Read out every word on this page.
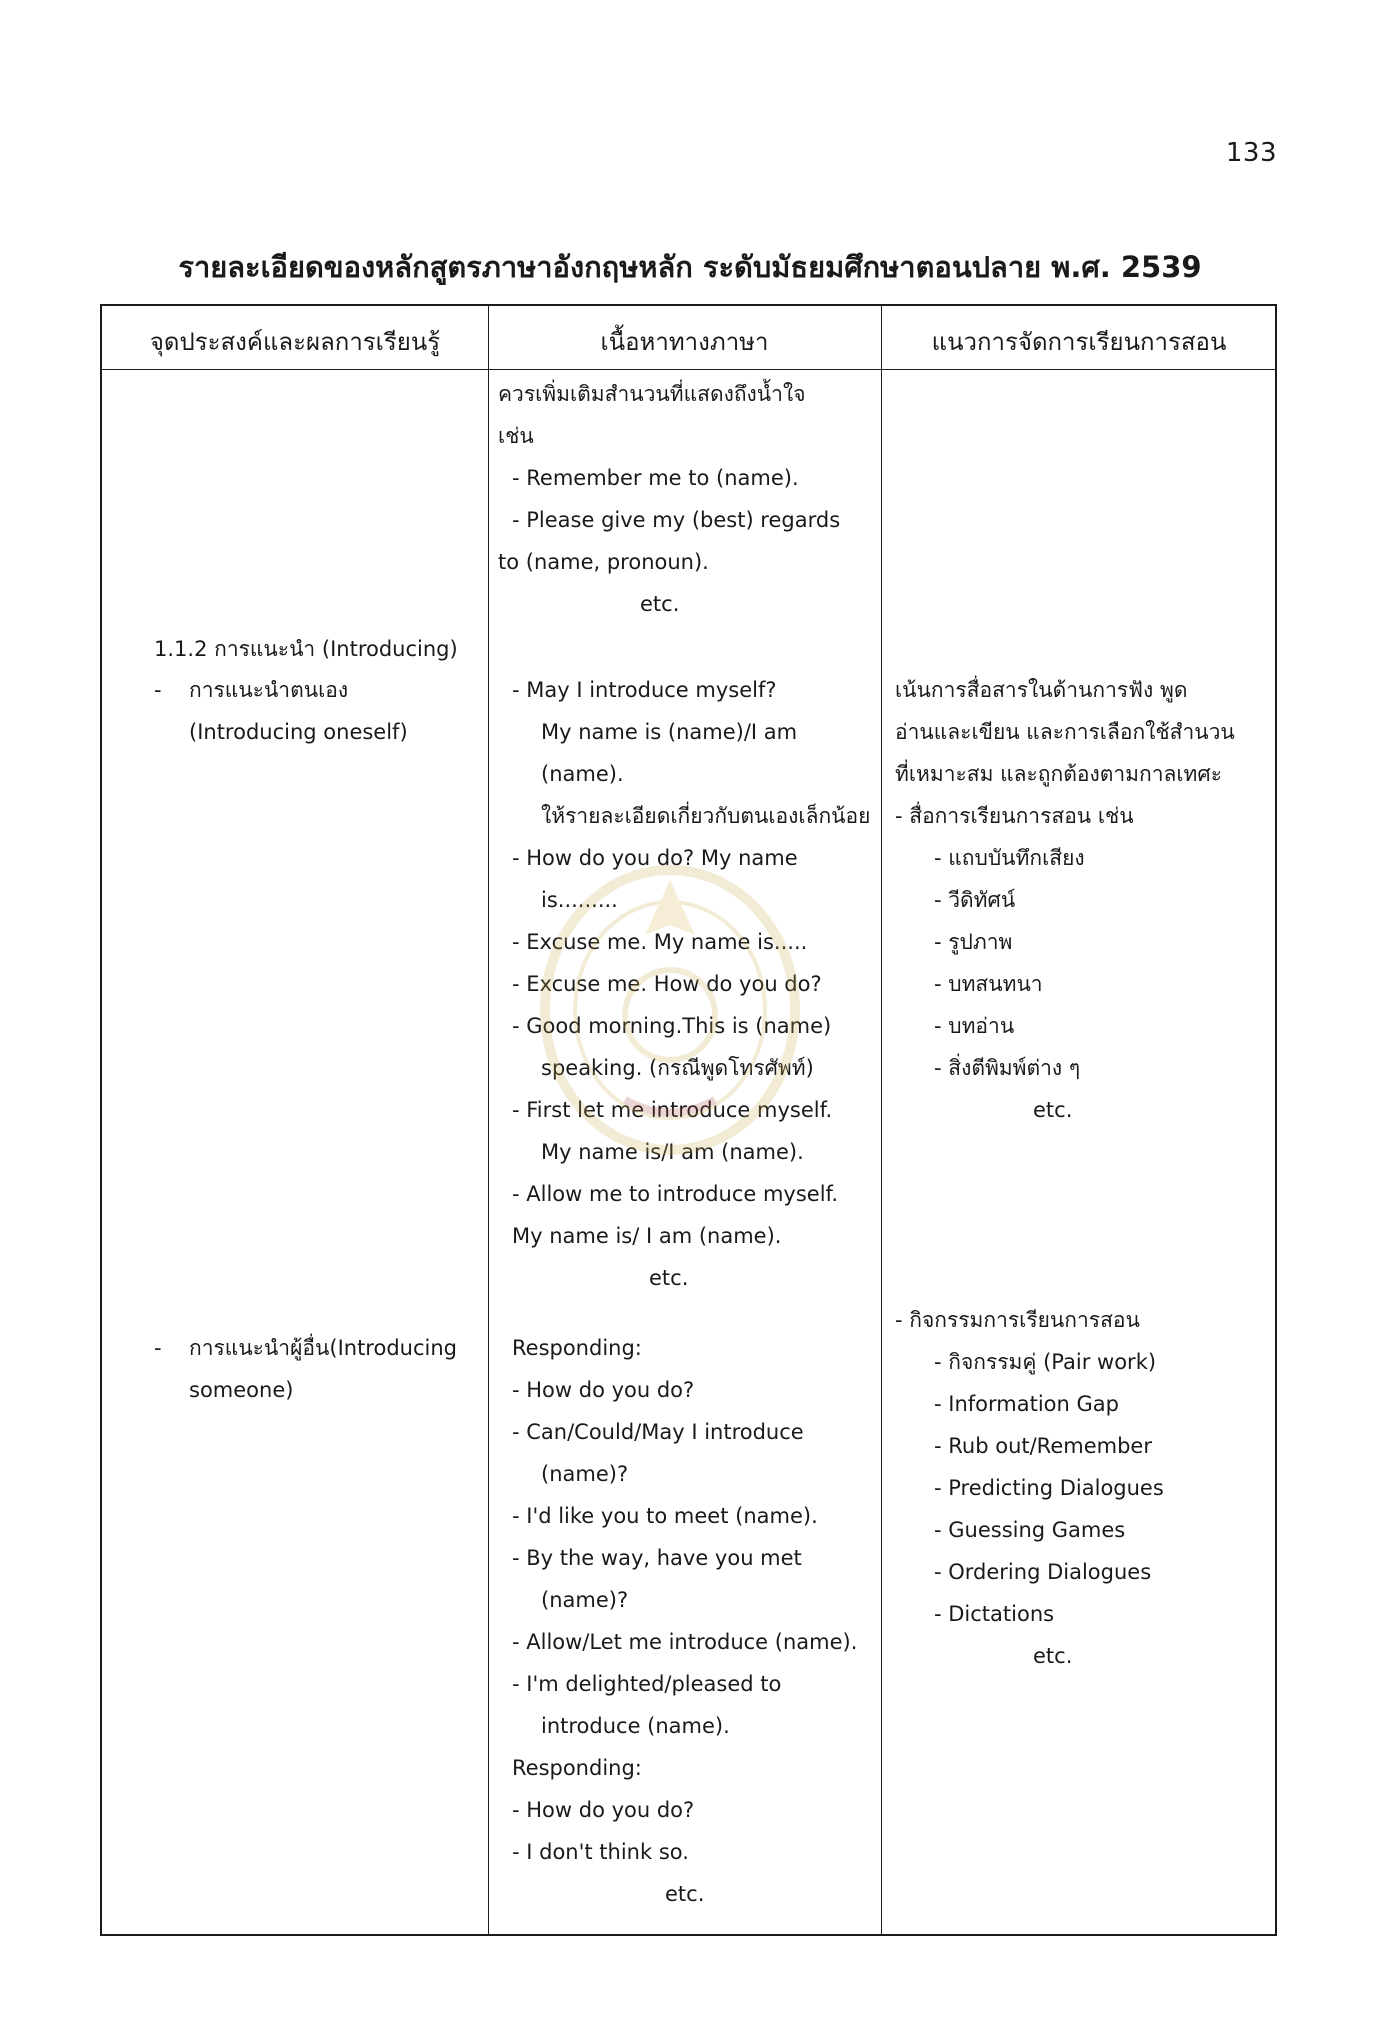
133
รายละเอียดของหลักสูตรภาษาอังกฤษหลัก ระดับมัธยมศึกษาตอนปลาย พ.ศ. 2539
จุดประสงค์และผลการเรียนรู้	เนื้อหาทางภาษา	แนวการจัดการเรียนการสอน
1.1.2 การแนะนำ (Introducing)
- การแนะนำตนเอง
(Introducing oneself)
- การแนะนำผู้อื่น(Introducing
someone)
ควรเพิ่มเติมสำนวนที่แสดงถึงน้ำใจ
เช่น
- Remember me to (name).
- Please give my (best) regards
to (name, pronoun).
etc.
- May I introduce myself?
My name is (name)/I am
(name).
ให้รายละเอียดเกี่ยวกับตนเองเล็กน้อย
- How do you do? My name
is.........
- Excuse me. My name is.....
- Excuse me. How do you do?
- Good morning.This is (name)
speaking. (กรณีพูดโทรศัพท์)
- First let me introduce myself.
My name is/I am (name).
- Allow me to introduce myself.
My name is/ I am (name).
etc.
Responding:
- How do you do?
- Can/Could/May I introduce
(name)?
- I'd like you to meet (name).
- By the way, have you met
(name)?
- Allow/Let me introduce (name).
- I'm delighted/pleased to
introduce (name).
Responding:
- How do you do?
- I don't think so.
etc.
เน้นการสื่อสารในด้านการฟัง พูด
อ่านและเขียน และการเลือกใช้สำนวน
ที่เหมาะสม และถูกต้องตามกาลเทศะ
- สื่อการเรียนการสอน เช่น
- แถบบันทึกเสียง
- วีดิทัศน์
- รูปภาพ
- บทสนทนา
- บทอ่าน
- สิ่งตีพิมพ์ต่าง ๆ
etc.
- กิจกรรมการเรียนการสอน
- กิจกรรมคู่ (Pair work)
- Information Gap
- Rub out/Remember
- Predicting Dialogues
- Guessing Games
- Ordering Dialogues
- Dictations
etc.
